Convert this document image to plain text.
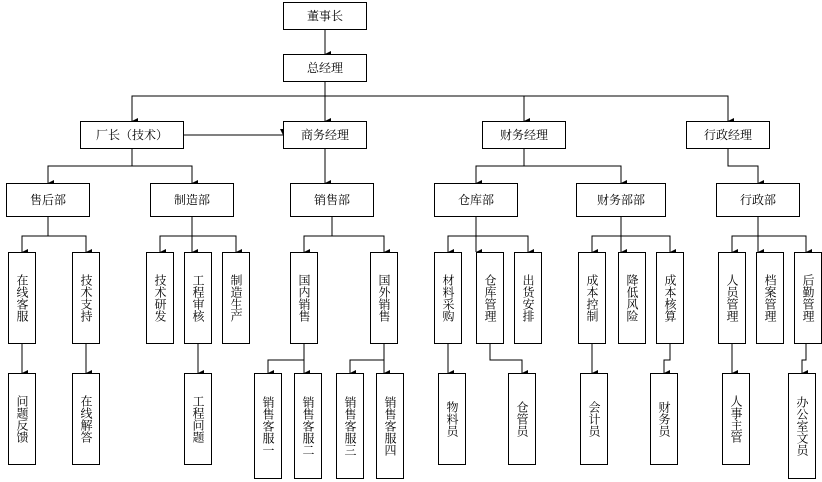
董事长
总经理
厂长（技术）	商务经理	财务经理	行政经理
售后部	制造部	销售部	仓库部	财务部部	行政部
在线客服	技术支持	技术研发 工程审核 制造生产	国内销售	国外销售	材料采购 仓库管理 出货安排	成本控制 降低风险 成本核算	人员管理 档案管理 后勤管理
问题反馈	在线解答	工程问题	销售客服一 销售客服二 销售客服三 销售客服四	物料员	仓管员	会计员	财务员	人事主管	办公室文员
